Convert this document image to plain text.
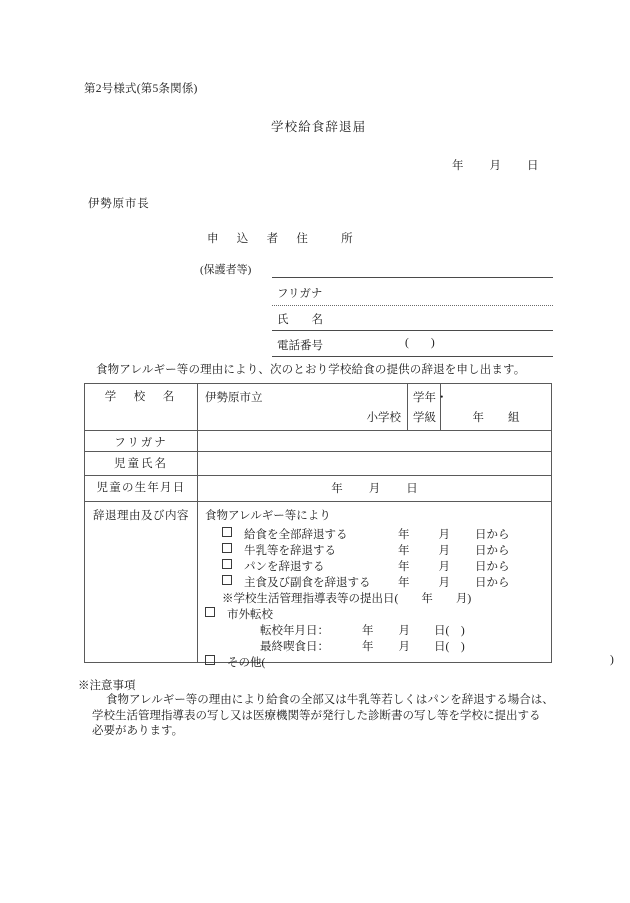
第2号様式(第5条関係)
学校給食辞退届
年 月 日
伊勢原市長
申　込　者　住　　所
(保護者等)
フリガナ
氏　　名
電話番号	( )
食物アレルギー等の理由により、次のとおり学校給食の提供の辞退を申し出ます。
学　校　名	伊勢原市立
小学校	学年・
学級	年 組

フリガナ			

児童氏名			

児童の生年月日	年 月 日		

辞退理由及び内容	食物アレルギー等により
給食を全部辞退する	年	月 日から
牛乳等を辞退する	年	月 日から
パンを辞退する	年	月 日から
主食及び副食を辞退する 年	月 日から
※学校生活管理指導表等の提出日(　　年　　月)
市外転校
転校年月日：	年 月 日(　)
最終喫食日：	年 月 日(　)
その他(	)
※注意事項
食物アレルギー等の理由により給食の全部又は牛乳等若しくはパンを辞退する場合は、
学校生活管理指導表の写し又は医療機関等が発行した診断書の写し等を学校に提出する
必要があります。
